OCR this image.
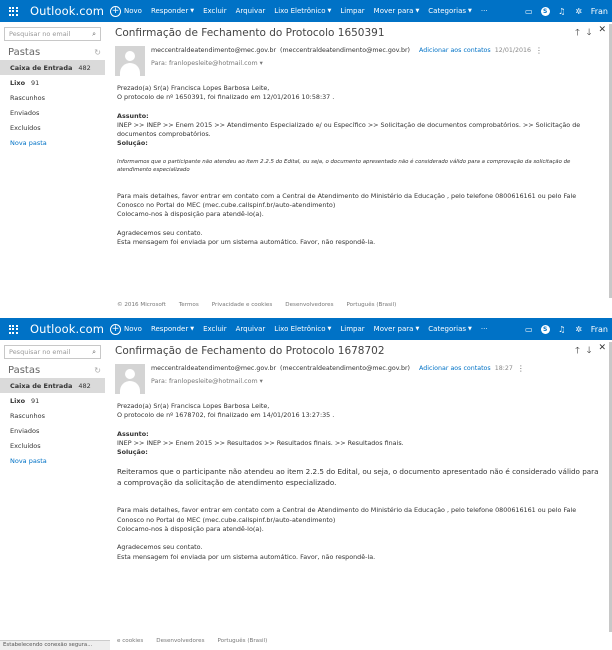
Outlook.com + Novo Responder ▼ Excluir Arquivar Lixo Eletrônico ▼ Limpar Mover para ▼ Categorias ▼ ···	▭	S ♫ ✲ Fran
Pesquisar no email	⌕
Pastas	↻
Caixa de Entrada 482
Lixo 91
Rascunhos
Enviados
Excluídos
Nova pasta
Confirmação de Fechamento do Protocolo 1650391	🡑 🡓 ✕
meccentraldeatendimento@mec.gov.br (meccentraldeatendimento@mec.gov.br) Adicionar aos contatos 12/01/2016 ⋮
Para: franlopesleite@hotmail.com ▾

Prezado(a) Sr(a) Francisca Lopes Barbosa Leite,

O protocolo de nº 1650391, foi finalizado em 12/01/2016 10:58:37 .

Assunto:

INEP >> INEP >> Enem 2015 >> Atendimento Especializado e/ ou Específico >> Solicitação de documentos comprobatórios. >> Solicitação de documentos comprobatórios.

Solução:

Informamos que o participante não atendeu ao item 2.2.5 do Edital, ou seja, o documento apresentado não é considerado válido para a comprovação da solicitação de atendimento especializado

Para mais detalhes, favor entrar em contato com a Central de Atendimento do Ministério da Educação , pelo telefone 0800616161 ou pelo Fale Conosco no Portal do MEC (mec.cube.callspinf.br/auto-atendimento)

Colocamo-nos à disposição para atendê-lo(a).

Agradecemos seu contato.

Esta mensagem foi enviada por um sistema automático. Favor, não respondê-la.

© 2016 Microsoft Termos Privacidade e cookies Desenvolvedores Português (Brasil)
Outlook.com + Novo Responder ▼ Excluir Arquivar Lixo Eletrônico ▼ Limpar Mover para ▼ Categorias ▼ ···	▭	S ♫ ✲ Fran
Pesquisar no email	⌕
Pastas	↻
Caixa de Entrada 482
Lixo 91
Rascunhos
Enviados
Excluídos
Nova pasta
Confirmação de Fechamento do Protocolo 1678702	🡑 🡓 ✕
meccentraldeatendimento@mec.gov.br (meccentraldeatendimento@mec.gov.br) Adicionar aos contatos 18:27 ⋮
Para: franlopesleite@hotmail.com ▾

Prezado(a) Sr(a) Francisca Lopes Barbosa Leite,

O protocolo de nº 1678702, foi finalizado em 14/01/2016 13:27:35 .

Assunto:

INEP >> INEP >> Enem 2015 >> Resultados >> Resultados finais. >> Resultados finais.

Solução:

Reiteramos que o participante não atendeu ao item 2.2.5 do Edital, ou seja, o documento apresentado não é considerado válido para a comprovação da solicitação de atendimento especializado.

Para mais detalhes, favor entrar em contato com a Central de Atendimento do Ministério da Educação , pelo telefone 0800616161 ou pelo Fale Conosco no Portal do MEC (mec.cube.callspinf.br/auto-atendimento)

Colocamo-nos à disposição para atendê-lo(a).

Agradecemos seu contato.

Esta mensagem foi enviada por um sistema automático. Favor, não respondê-la.

e cookies Desenvolvedores Português (Brasil)
Estabelecendo conexão segura...
